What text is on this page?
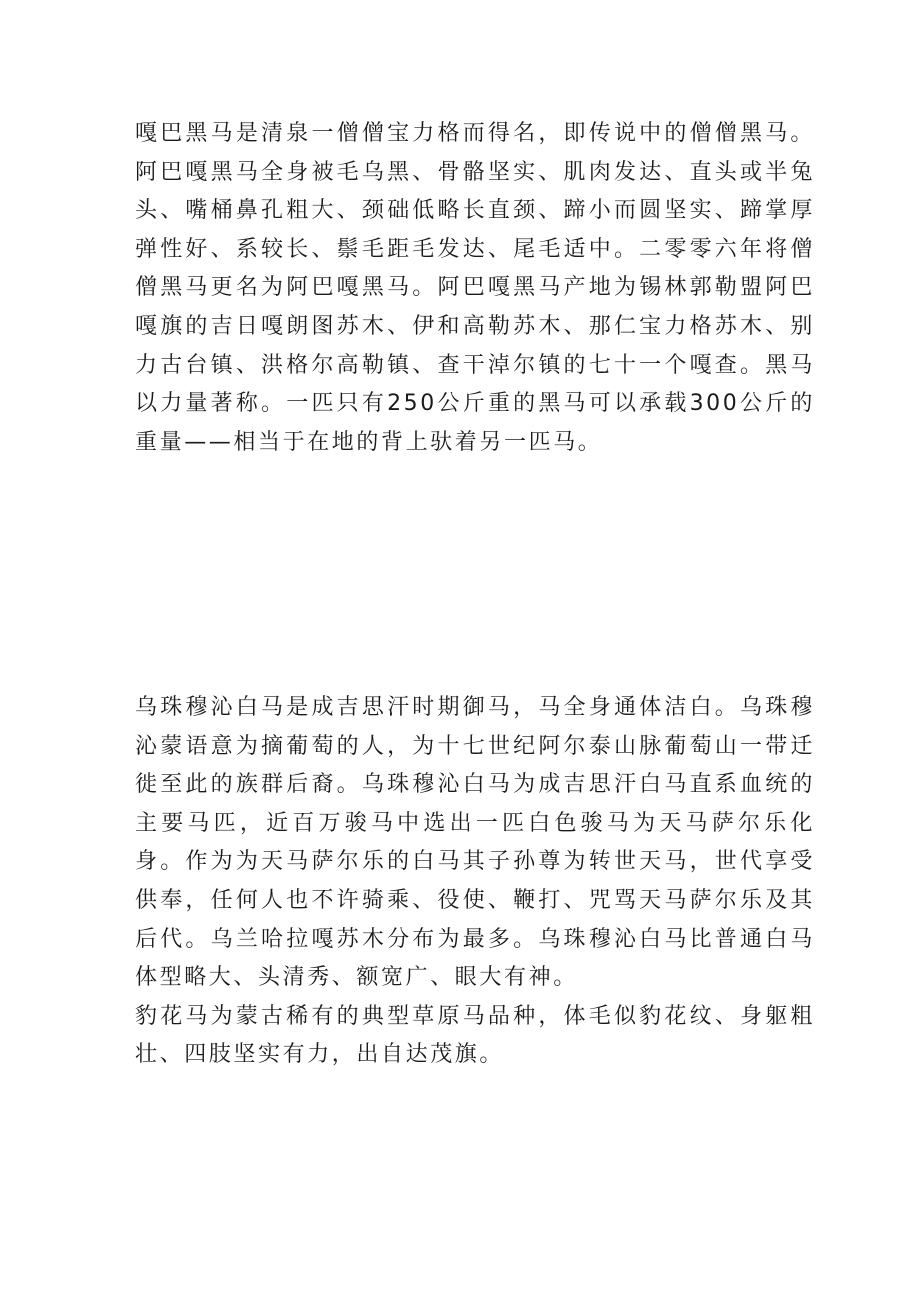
嘎巴黑马是清泉一僧僧宝力格而得名，即传说中的僧僧黑马。阿巴嘎黑马全身被毛乌黑、骨骼坚实、肌肉发达、直头或半兔头、嘴桶鼻孔粗大、颈础低略长直颈、蹄小而圆坚实、蹄掌厚弹性好、系较长、鬃毛距毛发达、尾毛适中。二零零六年将僧僧黑马更名为阿巴嘎黑马。阿巴嘎黑马产地为锡林郭勒盟阿巴嘎旗的吉日嘎朗图苏木、伊和高勒苏木、那仁宝力格苏木、别力古台镇、洪格尔高勒镇、查干淖尔镇的七十一个嘎查。黑马以力量著称。一匹只有250公斤重的黑马可以承载300公斤的重量——相当于在地的背上驮着另一匹马。

乌珠穆沁白马是成吉思汗时期御马，马全身通体洁白。乌珠穆沁蒙语意为摘葡萄的人，为十七世纪阿尔泰山脉葡萄山一带迁徙至此的族群后裔。乌珠穆沁白马为成吉思汗白马直系血统的主要马匹，近百万骏马中选出一匹白色骏马为天马萨尔乐化身。作为为天马萨尔乐的白马其子孙尊为转世天马，世代享受供奉，任何人也不许骑乘、役使、鞭打、咒骂天马萨尔乐及其后代。乌兰哈拉嘎苏木分布为最多。乌珠穆沁白马比普通白马体型略大、头清秀、额宽广、眼大有神。

豹花马为蒙古稀有的典型草原马品种，体毛似豹花纹、身躯粗壮、四肢坚实有力，出自达茂旗。
